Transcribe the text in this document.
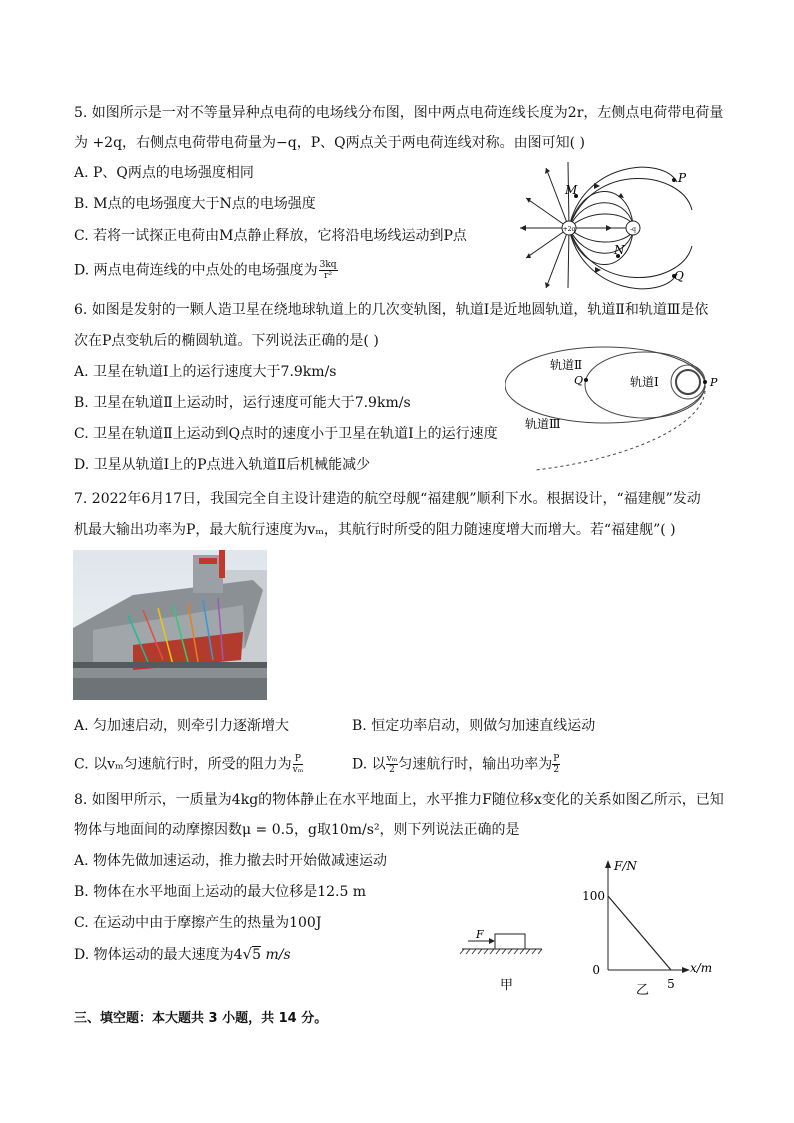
5. 如图所示是一对不等量异种点电荷的电场线分布图，图中两点电荷连线长度为2r，左侧点电荷带电荷量
为 +2q，右侧点电荷带电荷量为−q，P、Q两点关于两电荷连线对称。由图可知( )
A. P、Q两点的电场强度相同
B. M点的电场强度大于N点的电场强度
C. 若将一试探正电荷由M点静止释放，它将沿电场线运动到P点
D. 两点电荷连线的中点处的电场强度为 $\frac{3kq}{\text{r²}}$
+2q	-q
M
N
P
Q
6. 如图是发射的一颗人造卫星在绕地球轨道上的几次变轨图，轨道Ⅰ是近地圆轨道，轨道Ⅱ和轨道Ⅲ是依
次在P点变轨后的椭圆轨道。下列说法正确的是( )
A. 卫星在轨道Ⅰ上的运行速度大于7.9km/s
B. 卫星在轨道Ⅱ上运动时，运行速度可能大于7.9km/s
C. 卫星在轨道Ⅱ上运动到Q点时的速度小于卫星在轨道Ⅰ上的运行速度
D. 卫星从轨道Ⅰ上的P点进入轨道Ⅱ后机械能减少
P
Q
轨道Ⅱ
轨道Ⅰ
轨道Ⅲ
7. 2022年6月17日，我国完全自主设计建造的航空母舰“福建舰”顺利下水。根据设计，“福建舰”发动
机最大输出功率为P，最大航行速度为vₘ，其航行时所受的阻力随速度增大而增大。若“福建舰”( )
A. 匀加速启动，则牵引力逐渐增大	B. 恒定功率启动，则做匀加速直线运动
C. 以vₘ匀速航行时，所受的阻力为 $\frac{P}{\text{vₘ}}$	D. 以 $\frac{\text{vₘ}}{2}$ 匀速航行时，输出功率为 $\frac{P}{2}$
8. 如图甲所示，一质量为4kg的物体静止在水平地面上，水平推力F随位移x变化的关系如图乙所示，已知
物体与地面间的动摩擦因数μ = 0.5，g取10m/s²，则下列说法正确的是
A. 物体先做加速运动，推力撤去时开始做减速运动
B. 物体在水平地面上运动的最大位移是12.5 m
C. 在运动中由于摩擦产生的热量为100J
D. 物体运动的最大速度为4√5 m/s
F
甲
F/N
x/m
100
0
5
乙
三、填空题：本大题共 3 小题，共 14 分。
